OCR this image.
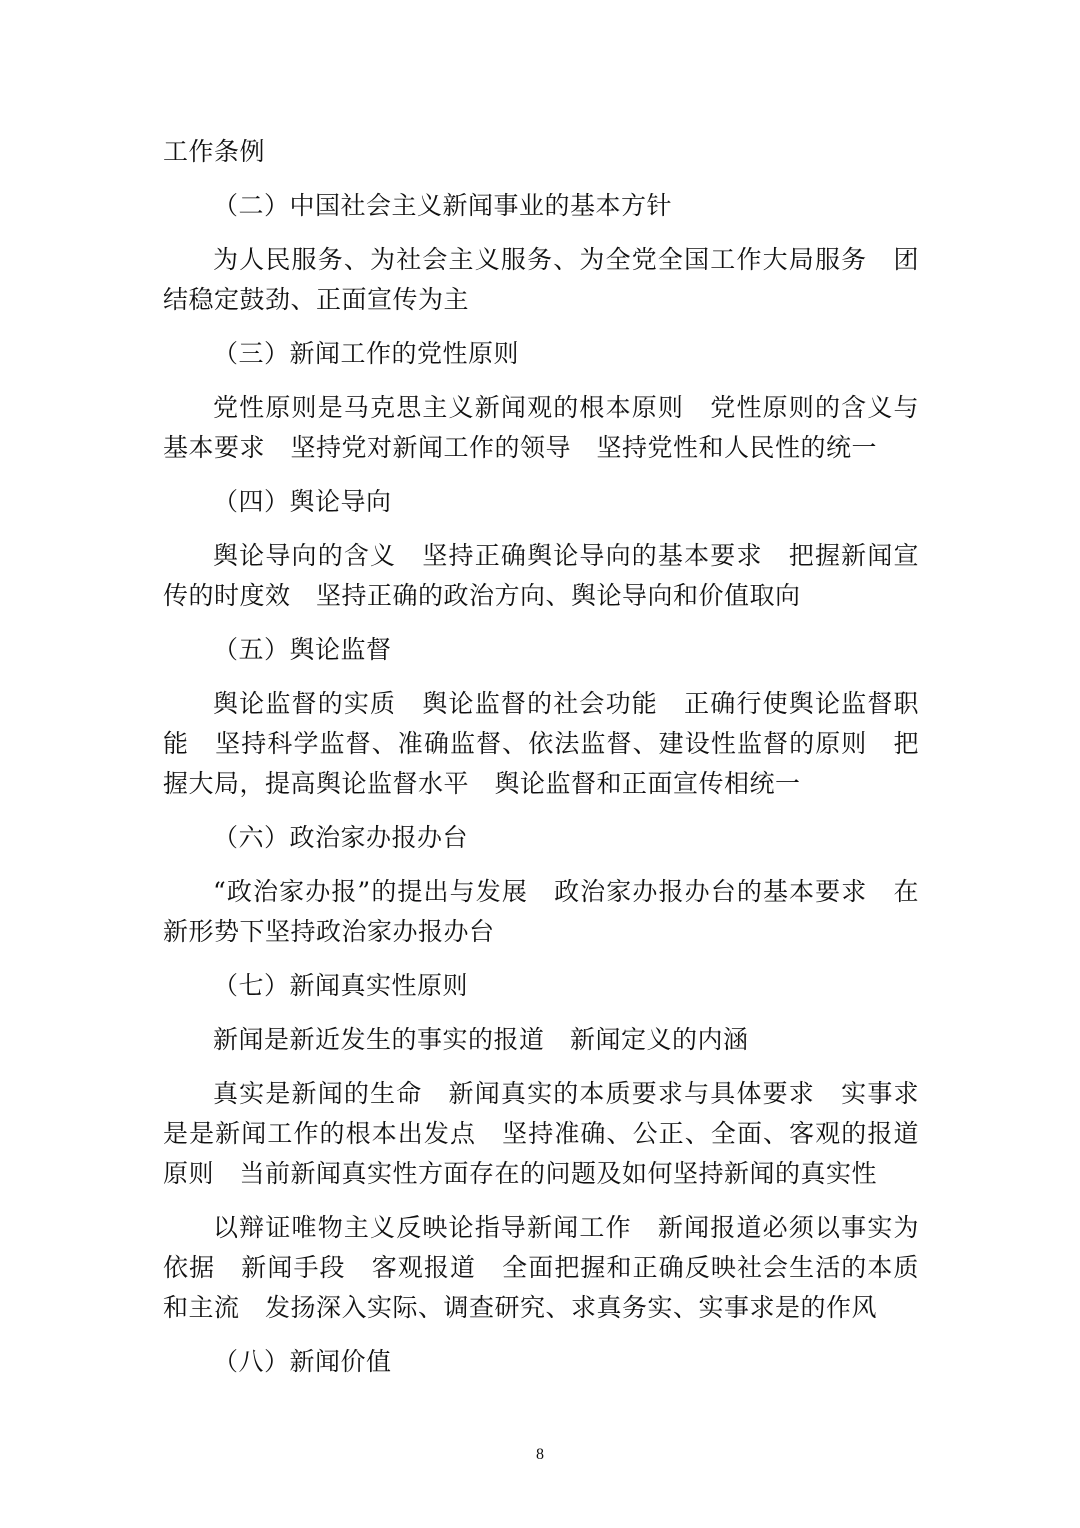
工作条例

（二）中国社会主义新闻事业的基本方针

为人民服务、为社会主义服务、为全党全国工作大局服务　团结稳定鼓劲、正面宣传为主

（三）新闻工作的党性原则

党性原则是马克思主义新闻观的根本原则　党性原则的含义与基本要求　坚持党对新闻工作的领导　坚持党性和人民性的统一

（四）舆论导向

舆论导向的含义　坚持正确舆论导向的基本要求　把握新闻宣传的时度效　坚持正确的政治方向、舆论导向和价值取向

（五）舆论监督

舆论监督的实质　舆论监督的社会功能　正确行使舆论监督职能　坚持科学监督、准确监督、依法监督、建设性监督的原则　把握大局，提高舆论监督水平　舆论监督和正面宣传相统一

（六）政治家办报办台

“政治家办报”的提出与发展　政治家办报办台的基本要求　在新形势下坚持政治家办报办台

（七）新闻真实性原则

新闻是新近发生的事实的报道　新闻定义的内涵

真实是新闻的生命　新闻真实的本质要求与具体要求　实事求是是新闻工作的根本出发点　坚持准确、公正、全面、客观的报道原则　当前新闻真实性方面存在的问题及如何坚持新闻的真实性

以辩证唯物主义反映论指导新闻工作　新闻报道必须以事实为依据　新闻手段　客观报道　全面把握和正确反映社会生活的本质和主流　发扬深入实际、调查研究、求真务实、实事求是的作风

（八）新闻价值

8
